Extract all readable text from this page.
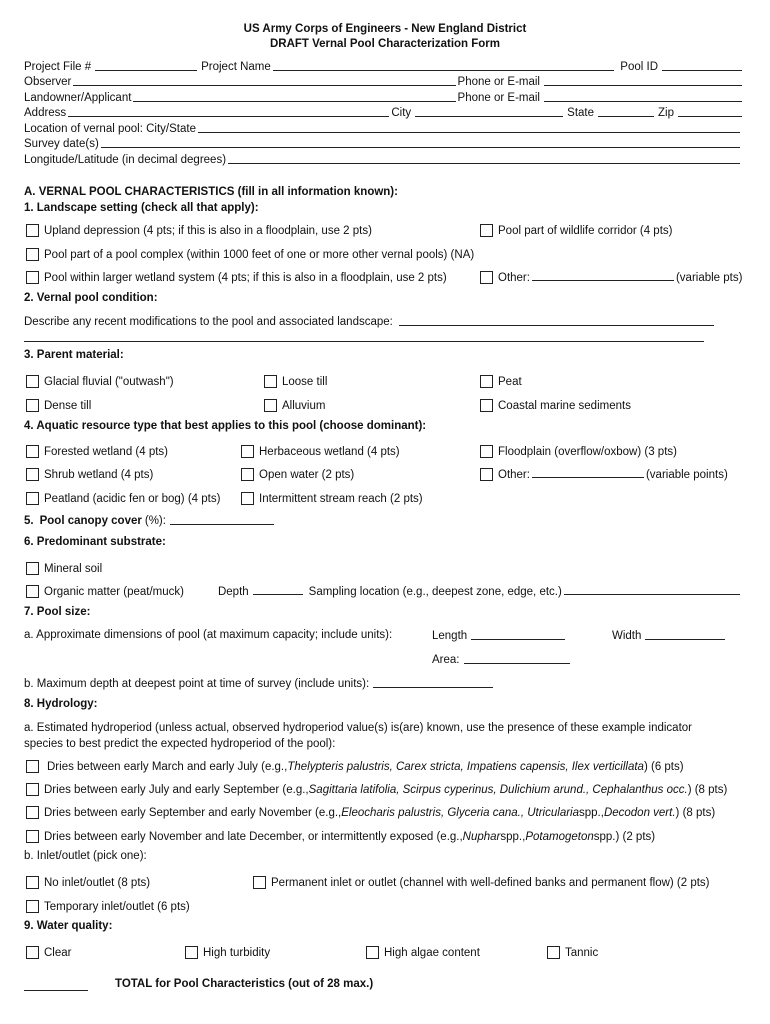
US Army Corps of Engineers - New England District
DRAFT Vernal Pool Characterization Form
Project File #	Project Name	Pool ID
Observer	Phone or E-mail
Landowner/Applicant	Phone or E-mail
Address	City	State	Zip
Location of vernal pool: City/State
Survey date(s)
Longitude/Latitude (in decimal degrees)
A. VERNAL POOL CHARACTERISTICS (fill in all information known):
1. Landscape setting (check all that apply):
Upland depression (4 pts; if this is also in a floodplain, use 2 pts)	Pool part of wildlife corridor (4 pts)
Pool part of a pool complex (within 1000 feet of one or more other vernal pools) (NA)
Pool within larger wetland system (4 pts; if this is also in a floodplain, use 2 pts)	Other:	(variable pts)
2. Vernal pool condition:
Describe any recent modifications to the pool and associated landscape:
3. Parent material:
Glacial fluvial ("outwash")	Loose till	Peat
Dense till	Alluvium	Coastal marine sediments
4. Aquatic resource type that best applies to this pool (choose dominant):
Forested wetland (4 pts)	Herbaceous wetland (4 pts)	Floodplain (overflow/oxbow) (3 pts)
Shrub wetland (4 pts)	Open water (2 pts)	Other:	(variable points)
Peatland (acidic fen or bog) (4 pts)	Intermittent stream reach (2 pts)
5. Pool canopy cover (%):
6. Predominant substrate:
Mineral soil
Organic matter (peat/muck)	Depth	Sampling location (e.g., deepest zone, edge, etc.)
7. Pool size:
a. Approximate dimensions of pool (at maximum capacity; include units):	Length	Width
Area:
b. Maximum depth at deepest point at time of survey (include units):
8. Hydrology:
a. Estimated hydroperiod (unless actual, observed hydroperiod value(s) is(are) known, use the presence of these example indicator
species to best predict the expected hydroperiod of the pool):
Dries between early March and early July (e.g., Thelypteris palustris, Carex stricta, Impatiens capensis, Ilex verticillata ) (6 pts)
Dries between early July and early September (e.g., Sagittaria latifolia, Scirpus cyperinus, Dulichium arund., Cephalanthus occ. ) (8 pts)
Dries between early September and early November (e.g., Eleocharis palustris, Glyceria cana., Utricularia spp., Decodon vert. ) (8 pts)
Dries between early November and late December, or intermittently exposed (e.g., Nuphar spp., Potamogeton spp.) (2 pts)
b. Inlet/outlet (pick one):
No inlet/outlet (8 pts)	Permanent inlet or outlet (channel with well-defined banks and permanent flow) (2 pts)
Temporary inlet/outlet (6 pts)
9. Water quality:
Clear	High turbidity	High algae content	Tannic
TOTAL for Pool Characteristics (out of 28 max.)
